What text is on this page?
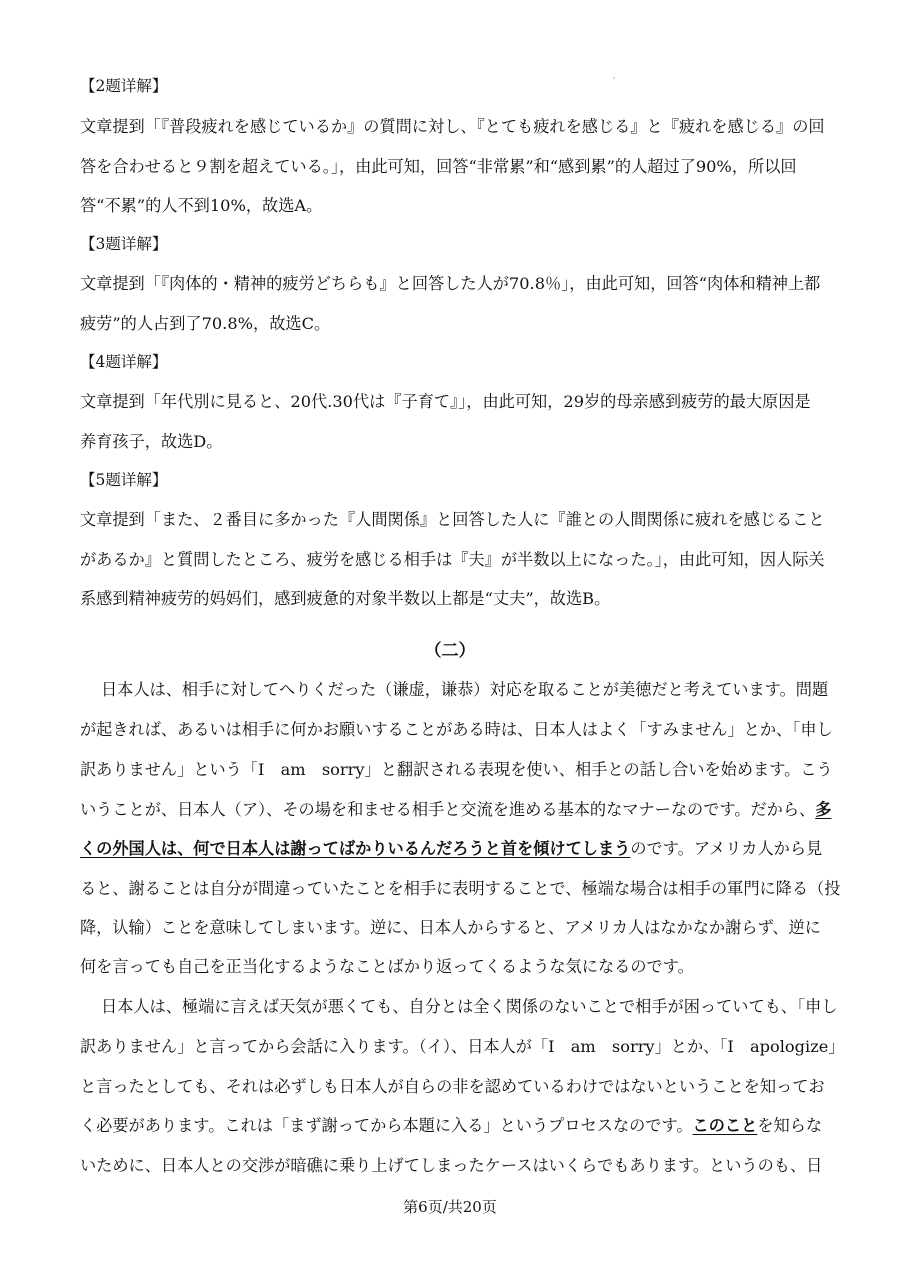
【2题详解】
文章提到「『普段疲れを感じているか』の質問に対し、『とても疲れを感じる』と『疲れを感じる』の回
答を合わせると９割を超えている。」，由此可知，回答“非常累”和“感到累”的人超过了90%，所以回
答“不累”的人不到10%，故选A。
【3题详解】
文章提到「『肉体的・精神的疲労どちらも』と回答した人が70.8％」，由此可知，回答“肉体和精神上都
疲劳”的人占到了70.8%，故选C。
【4题详解】
文章提到「年代別に見ると、20代.30代は『子育て』」，由此可知，29岁的母亲感到疲劳的最大原因是
养育孩子，故选D。
【5题详解】
文章提到「また、２番目に多かった『人間関係』と回答した人に『誰との人間関係に疲れを感じること
があるか』と質問したところ、疲労を感じる相手は『夫』が半数以上になった。」，由此可知，因人际关
系感到精神疲劳的妈妈们，感到疲惫的对象半数以上都是“丈夫”，故选B。
（二）
日本人は、相手に対してへりくだった（谦虚，谦恭）対応を取ることが美徳だと考えています。問題
が起きれば、あるいは相手に何かお願いすることがある時は、日本人はよく「すみません」とか、「申し
訳ありません」という「I　am　sorry」と翻訳される表現を使い、相手との話し合いを始めます。こう
いうことが、日本人（ア）、その場を和ませる相手と交流を進める基本的なマナーなのです。だから、多
くの外国人は、何で日本人は謝ってばかりいるんだろうと首を傾けてしまうのです。アメリカ人から見
ると、謝ることは自分が間違っていたことを相手に表明することで、極端な場合は相手の軍門に降る（投
降，认输）ことを意味してしまいます。逆に、日本人からすると、アメリカ人はなかなか謝らず、逆に
何を言っても自己を正当化するようなことばかり返ってくるような気になるのです。
日本人は、極端に言えば天気が悪くても、自分とは全く関係のないことで相手が困っていても、「申し
訳ありません」と言ってから会話に入ります。（イ）、日本人が「I　am　sorry」とか、「I　apologize」
と言ったとしても、それは必ずしも日本人が自らの非を認めているわけではないということを知ってお
く必要があります。これは「まず謝ってから本題に入る」というプロセスなのです。このことを知らな
いために、日本人との交渉が暗礁に乗り上げてしまったケースはいくらでもあります。というのも、日
第6页/共20页
